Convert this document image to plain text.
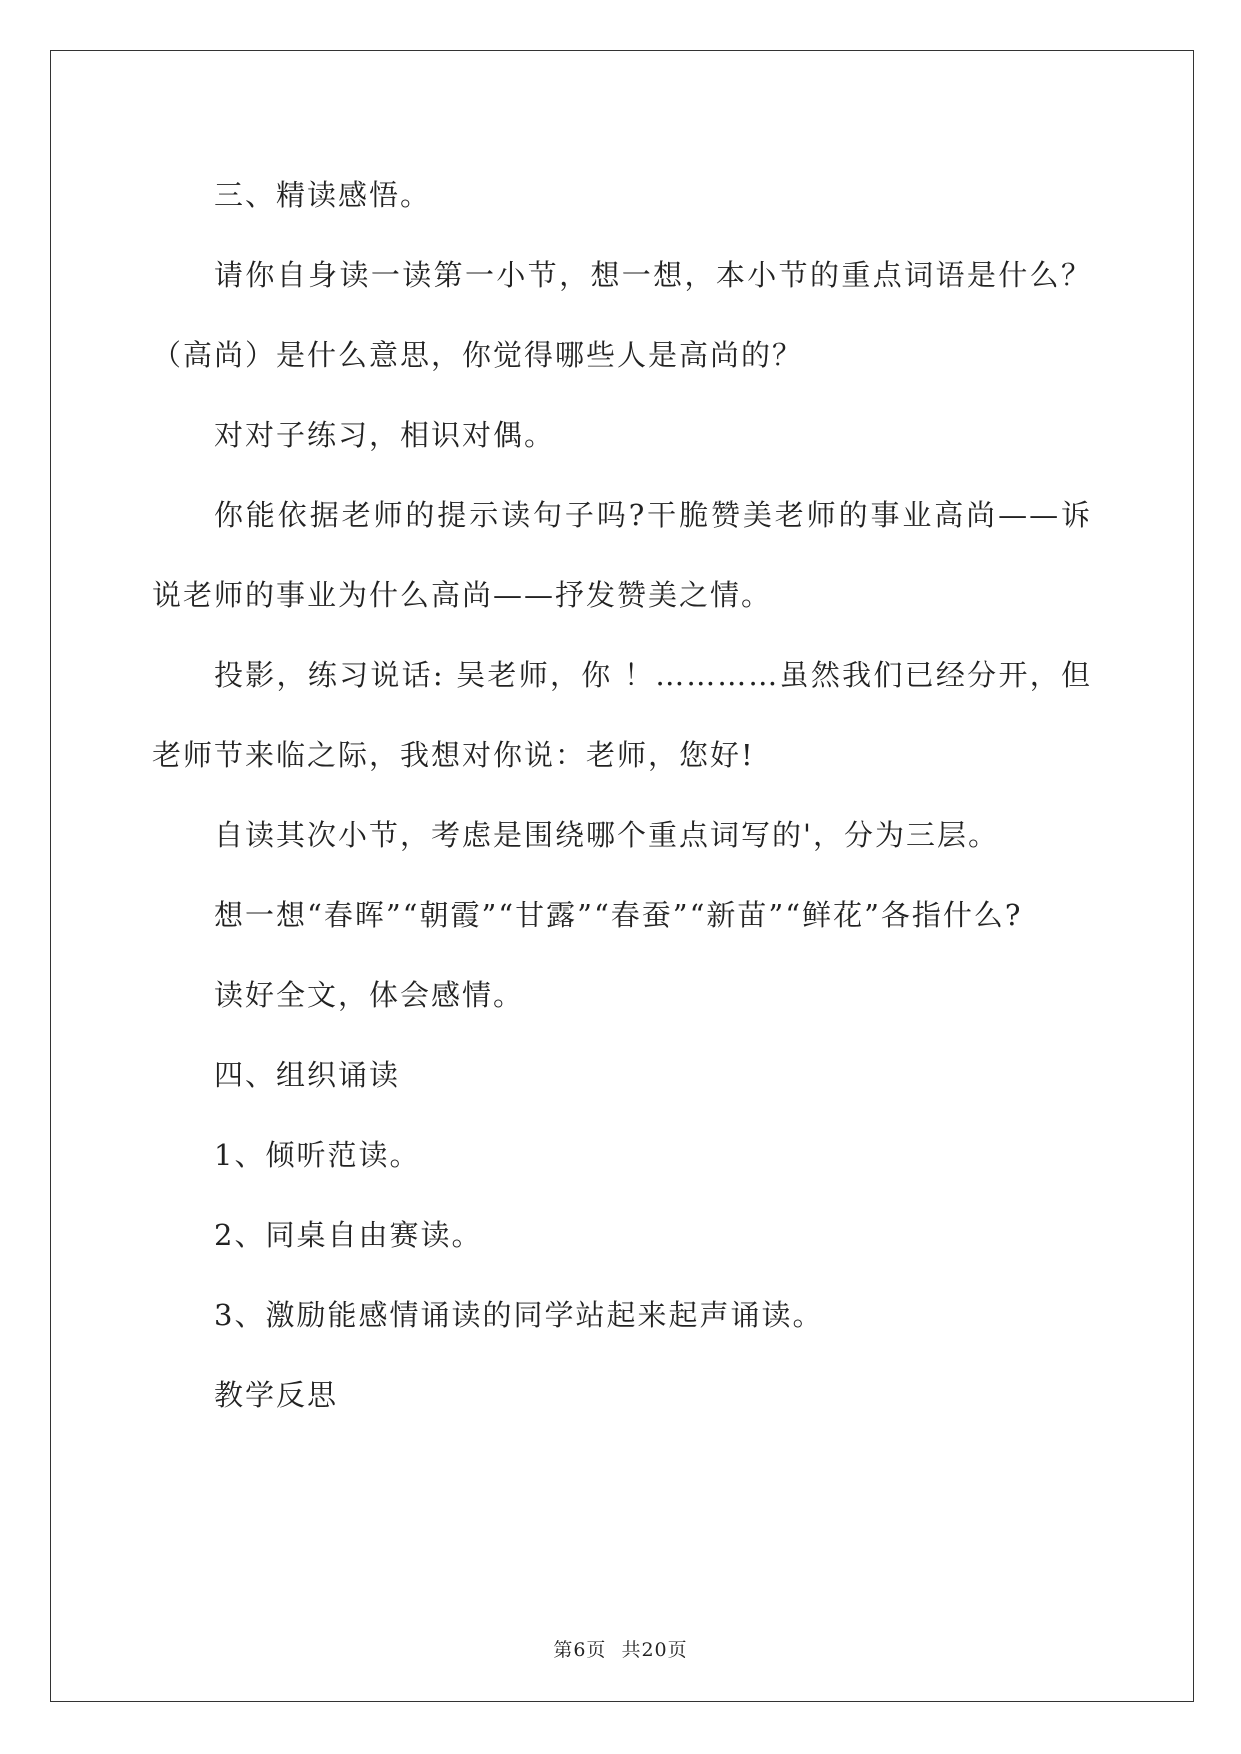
三、精读感悟。

请你自身读一读第一小节，想一想，本小节的重点词语是什么？（高尚）是什么意思，你觉得哪些人是高尚的？

对对子练习，相识对偶。

你能依据老师的提示读句子吗?干脆赞美老师的事业高尚——诉说老师的事业为什么高尚——抒发赞美之情。

投影，练习说话: 吴老师，你 ！…………虽然我们已经分开，但老师节来临之际，我想对你说：老师，您好!

自读其次小节，考虑是围绕哪个重点词写的'，分为三层。

想一想“春晖”“朝霞”“甘露”“春蚕”“新苗”“鲜花”各指什么?

读好全文，体会感情。

四、组织诵读

1、倾听范读。

2、同桌自由赛读。

3、激励能感情诵读的同学站起来起声诵读。

教学反思

第6页 共20页
